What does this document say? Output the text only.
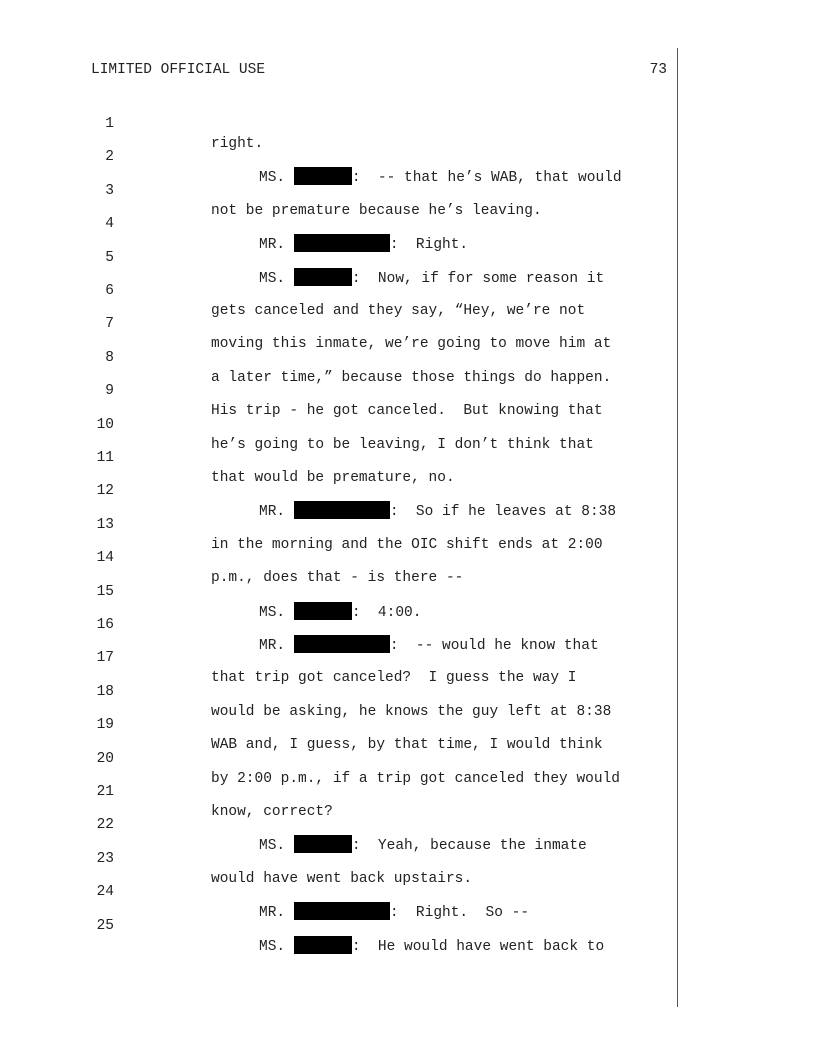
LIMITED OFFICIAL USE	73

1

right.

2

MS.	:  -- that he’s WAB, that would

3

not be premature because he’s leaving.

4

MR.	:  Right.

5

MS.	:  Now, if for some reason it

6

gets canceled and they say, “Hey, we’re not

7

moving this inmate, we’re going to move him at

8

a later time,” because those things do happen.

9

His trip - he got canceled.  But knowing that

10

he’s going to be leaving, I don’t think that

11

that would be premature, no.

12

MR.	:  So if he leaves at 8:38

13

in the morning and the OIC shift ends at 2:00

14

p.m., does that - is there --

15

MS.	:  4:00.

16

MR.	:  -- would he know that

17

that trip got canceled?  I guess the way I

18

would be asking, he knows the guy left at 8:38

19

WAB and, I guess, by that time, I would think

20

by 2:00 p.m., if a trip got canceled they would

21

know, correct?

22

MS.	:  Yeah, because the inmate

23

would have went back upstairs.

24

MR.	:  Right.  So --

25

MS.	:  He would have went back to
